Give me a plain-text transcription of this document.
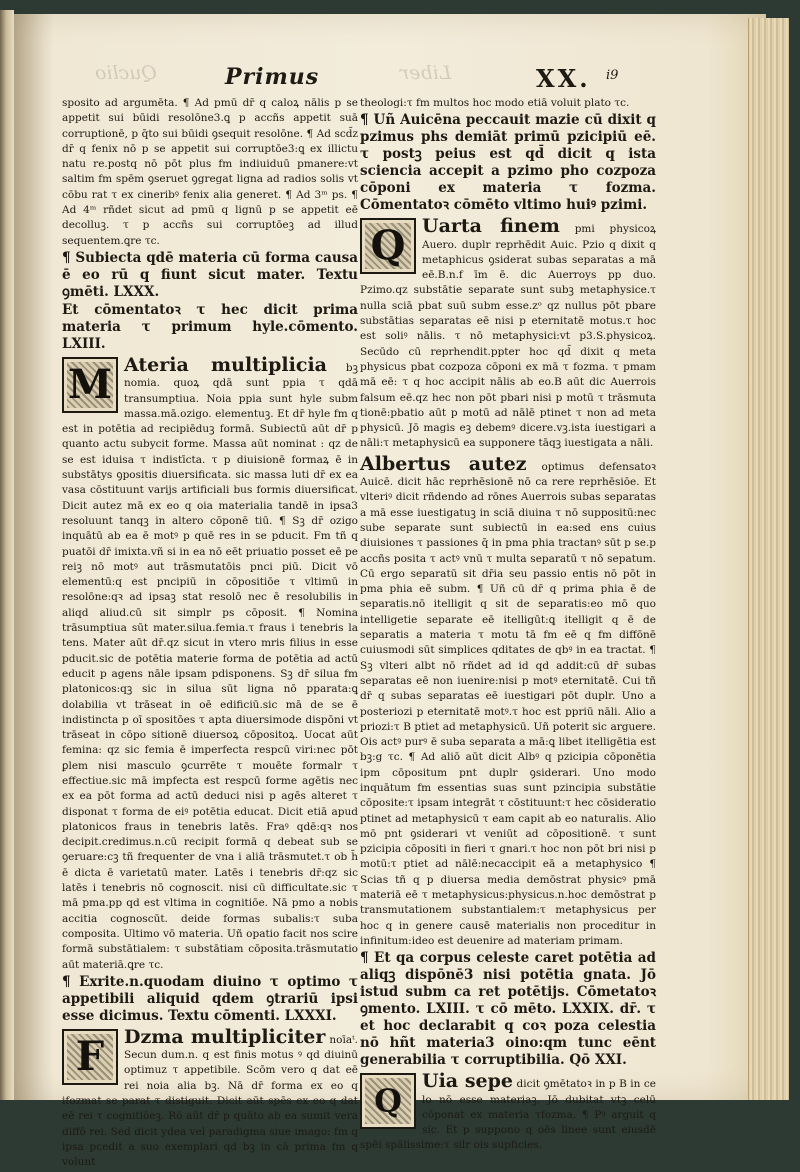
Quclio	Liber
Primus	XX. i9

sposito ad argumēta. ¶ Ad pmū dr̄ q caloꝝ nālis p se appetit sui būidi resolōne3.ꝗ p accñs appetit suā corruptionē, p q̄to sui būidi ꝯsequit resolōne. ¶ Ad scd̄z dr̄ q fenix nō p se appetit sui corruptōe3:ꝗ ex illictu natu re.postq nō pōt plus fm indiuiduū pmanere:vt saltim fm spēm ꝯseruet ꝯgregat ligna ad radios solis vt cōbu rat τ ex cineribꝰ fenix alia generet. ¶ Ad 3ᵐ ps. ¶ Ad 4ᵐ rñdet sicut ad pmū q lignū p se appetit eē decolluꝫ. τ p accñs sui corruptōeꝫ ad illud sequentem.ꝗre τc.

¶ Subiecta qdē materia cū forma causa ē eo rū q fiunt sicut mater. Textu ꝯmēti. LXXX.

Et cōmentatoꝛ τ hec dicit prima materia τ primum hyle.cōmento. LXIII.

M Ateria multiplicia bꝫ nomia. quoꝝ qdā sunt ppia τ qdā transumptiua. Noia ppia sunt hyle subm massa.mā.ozigo. elementuꝫ. Et dr̄ hyle fm q est in potētia ad recipiēduꝫ formā. Subiectū aūt dr̄ p quanto actu subycit forme. Massa aūt nominat : qz de se est iduisa τ indistīcta. τ p diuisionē formaꝝ ē in substātys ꝯpositis diuersificata. sic massa luti dr̄ ex ea vasa cōstituunt varijs artificiali bus formis diuersificat. Dicit autez mā ex eo q oia materialia tandē in ipsa3 resoluunt tanqꝫ in altero cōponē tiū. ¶ Sꝫ dr̄ ozigo inquātū ab ea ē motꝰ p quē res in se pducit. Fm tñ q puatōi dr̄ imixta.vñ si in ea nō eēt priuatio posset eē pe reiꝫ nō motꝰ aut trāsmutatōis pnci piū. Dicit vō elementū:q est pncipiū in cōpositiōe τ vltimū in resolōne:qꝛ ad ipsaꝫ stat resolō nec ē resolubilis in aliqd aliud.cū sit simplr ps cōposit. ¶ Nomina trāsumptiua sūt mater.silua.femia.τ fraus i tenebris la tens. Mater aūt dr̄.qz sicut in vtero mris filius in esse pducit.sic de potētia materie forma de potētia ad actū educit p agens nāle ipsam pdisponens. Sꝫ dr̄ silua fm platonicos:qꝫ sic in silua sūt ligna nō pparata:ꝗ dolabilia vt trāseat in oē edificiū.sic mā de se ē indistincta p oī spositōes τ apta diuersimode dispōni vt trāseat in cōpo sitionē diuersoꝝ cōpositoꝝ. Uocat aūt femina: qz sic femia ē imperfecta respcū viri:nec pōt ꝑlem nisi masculo ꝯcurrēte τ mouēte formalr τ effectiue.sic mā impfecta est respcū forme agētis nec ex ea pōt forma ad actū deduci nisi p agēs alteret τ disponat τ forma de eiꝰ potētia educat. Dicit etiā apud platonicos fraus in tenebris latēs. Fraꝰ qdē:qꝛ nos decipit.credimus.n.cū recipit formā q debeat sub se ꝯeruare:cꝫ tñ frequenter de vna i aliā trāsmutet.τ ob h̄ ē dicta ē varietatū mater. Latēs i tenebris dr̄:qz sic latēs i tenebris nō cognoscit. nisi cū difficultate.sic τ mā pma.pp qd est vltima in cognitiōe. Nā pmo a nobis accitia cognoscūt. deide formas subalis:τ suba composita. Ultimo vō materia. Uñ opatio facit nos scire formā substātialem: τ substātiam cōposita.trāsmutatio aūt materiā.ꝗre τc.

¶ Exrite.n.quodam diuino τ optimo τ appetibili aliquid qdem ꝯtrariū ipsi esse dicimus. Textu cōmenti. LXXXI.

F	Dzma multipliciter noīaᵗ. Secun dum.n. q est finis motus ꝰ qd diuinū optimuz τ appetibile. Scōm vero q dat eē rei noia alia bꝫ. Nā dr̄ forma ex eo q ifozmat se parat τ distiguit. Dicit aūt spēs ex eo q dat eē rei τ cognitiōeꝫ. Rō aūt dr̄ p quāto ab ea sumit vera diffō rei. Sed dicit ydea vel paradigma siue imago: fm q ipsa pcedit a suo exemplari qd bꝫ in cā prima fm q volunt

theologi:τ fm multos hoc modo etiā voluit plato τc.

¶ Uñ Auicēna peccauit mazie cū dixit q pzimus phs demiāt primū pzicipiū eē. τ postꝫ peius est qd̄ dicit q ista sciencia accepit a pzimo pho cozpoza cōponi ex materia τ fozma. Cōmentatoꝛ cōmēto vltimo huiꝰ pzimi.

Q Uarta finem pmi physicoꝝ Auero. duplr reprhēdit Auic. Pzio q dixit q metaphicus ꝯsiderat subas separatas a mā eē.B.n.f īm ē. dic Auerroys pp duo. Pzimo.qz substātie separate sunt subꝫ metaphysice.τ nulla sciā pbat suū subm esse.zᵒ qz nullus pōt pbare substātias separatas eē nisi p eternitatē motus.τ hoc est soliꝰ nālis. τ nō metaphysici:vt p3.S.physicoꝝ. Secūdo cū reprhendit.ppter hoc qd̄ dixit q meta physicus pbat cozpoza cōponi ex mā τ fozma. τ pmam mā eē: τ q hoc accipit nālis ab eo.B aūt dic Auerrois falsum eē.qz hec non pōt pbari nisi p motū τ trāsmuta tionē:pbatio aūt p motū ad nālē ptinet τ non ad meta physicū. Jō magis eꝫ debemꝰ dicere.vꝫ.ista iuestigari a nāli:τ metaphysicū ea supponere tāqꝫ iuestigata a nāli.

Albertus autez optimus defensatoꝛ Auicē. dicit hāc reprhēsionē nō ca rere reprhēsiōe. Et vlteriꝰ dicit rñdendo ad rōnes Auerrois subas separatas a mā esse iuestigatuꝫ in sciā diuina τ nō suppositū:nec sube separate sunt subiectū in ea:sed ens cuius diuisiones τ passiones q̄ in pma phia tractanꝰ sūt p se.p accñs posita τ actꝰ vnū τ multa separatū τ nō sepatum. Cū ergo separatū sit dr̄ia seu passio entis nō pōt in pma phia eē subm. ¶ Uñ cū dr̄ q prima phia ē de separatis.nō itelligit q sit de separatis:eo mō quo intelligetie separate eē itelligūt:ꝗ itelligit q ē de separatis a materia τ motu tā fm eē q fm diffōnē cuiusmodi sūt simplices qditates de qbꝰ in ea tractat. ¶ Sꝫ vlteri albt nō rñdet ad id qd addit:cū dr̄ subas separatas eē non iuenire:nisi p motꝰ eternitatē. Cui tñ dr̄ q subas separatas eē iuestigari pōt duplr. Uno a posteriozi p eternitatē motꝰ.τ hoc est ppriū nāli. Alio a priozi:τ B ptiet ad metaphysicū. Uñ poterit sic arguere. Ois actꝰ purꝰ ē suba separata a mā:ꝗ libet itelligētia est bꝫ:g τc. ¶ Ad aliō aūt dicit Albꝰ q pzicipia cōponētia ipm cōpositum pnt duplr ꝯsiderari. Uno modo inquātum fm essentias suas sunt pzincipia substātie cōposite:τ ipsam integrāt τ cōstituunt:τ hec cōsideratio ptinet ad metaphysicū τ eam capit ab eo naturalis. Alio mō pnt ꝯsiderari vt veniūt ad cōpositionē. τ sunt pzicipia cōpositi in fieri τ gnari.τ hoc non pōt bri nisi p motū:τ ptiet ad nālē:necaccipit eā a metaphysico ¶ Scias tñ q p diuersa media demōstrat physicꝰ pmā materiā eē τ metaphysicus:physicus.n.hoc demōstrat p transmutationem substantialem:τ metaphysicus per hoc q in genere causē materialis non proceditur in infinitum:ideo est deuenire ad materiam primam.

¶ Et qa corpus celeste caret potētia ad aliqꝫ dispōnē3 nisi potētia gnata. Jō istud subm ca ret potētijs. Cōmetatoꝛ ꝯmento. LXIII. τ cō mēto. LXXIX. dr̄. τ et hoc declarabit q coꝛ poza celestia nō hñt materia3 oino:qm tunc eēnt generabilia τ corruptibilia. Qō XXI.

Q

Uia sepe dicit ꝯmētatoꝛ in p B in ce lo nō esse materiaꝫ. Jō dubitat vtꝫ celū cōponat ex materia τfozma. ¶ Pꝰ arguit q sic. Et p suppono q oēs linee sunt eiusdē spēi spālissime:τ silr ois supficies.
